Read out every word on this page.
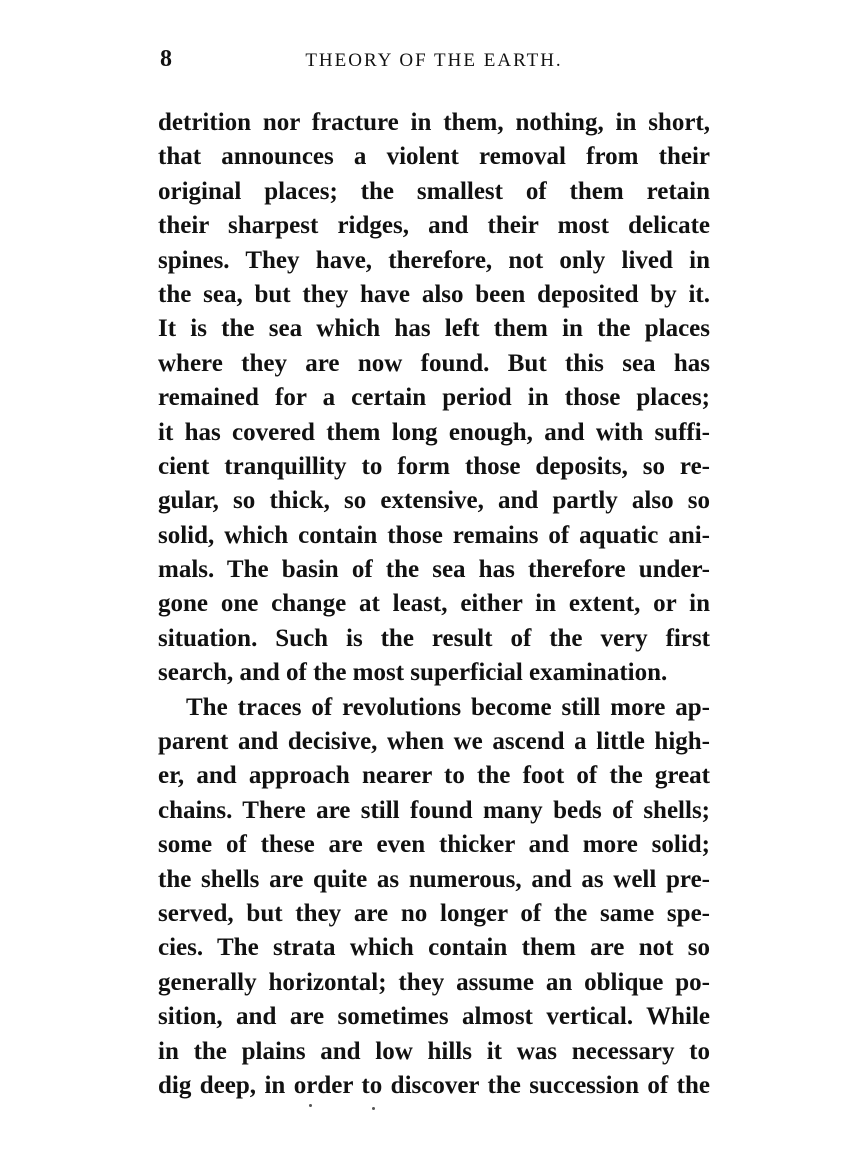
8	THEORY OF THE EARTH.
detrition nor fracture in them, nothing, in short,
that announces a violent removal from their
original places; the smallest of them retain
their sharpest ridges, and their most delicate
spines. They have, therefore, not only lived in
the sea, but they have also been deposited by it.
It is the sea which has left them in the places
where they are now found. But this sea has
remained for a certain period in those places;
it has covered them long enough, and with suffi-
cient tranquillity to form those deposits, so re-
gular, so thick, so extensive, and partly also so
solid, which contain those remains of aquatic ani-
mals. The basin of the sea has therefore under-
gone one change at least, either in extent, or in
situation. Such is the result of the very first
search, and of the most superficial examination.
The traces of revolutions become still more ap-
parent and decisive, when we ascend a little high-
er, and approach nearer to the foot of the great
chains. There are still found many beds of shells;
some of these are even thicker and more solid;
the shells are quite as numerous, and as well pre-
served, but they are no longer of the same spe-
cies. The strata which contain them are not so
generally horizontal; they assume an oblique po-
sition, and are sometimes almost vertical. While
in the plains and low hills it was necessary to
dig deep, in order to discover the succession of the
